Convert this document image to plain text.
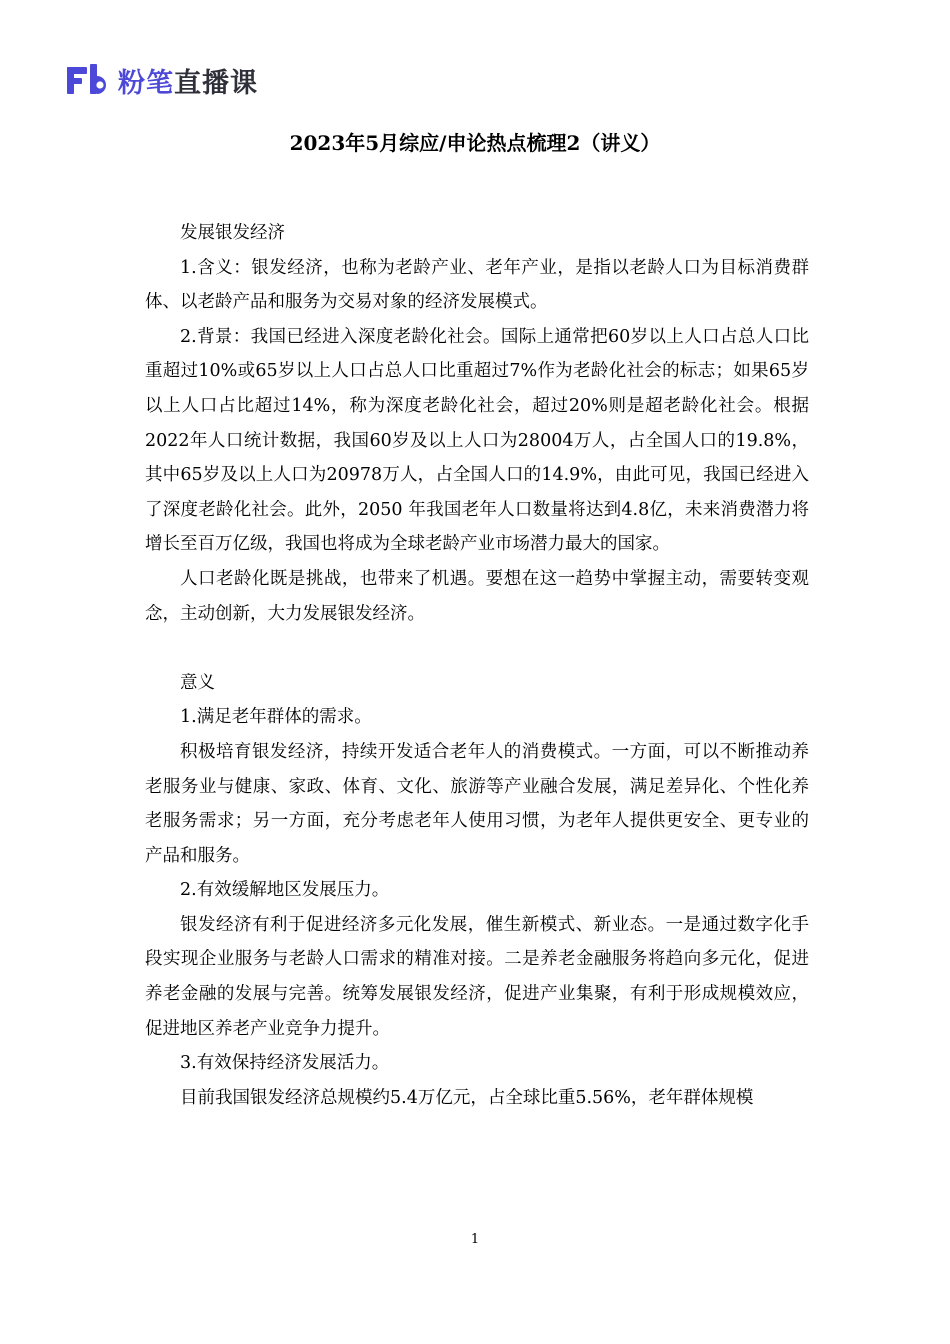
粉笔直播课
2023年5月综应/申论热点梳理2（讲义）

发展银发经济

1.含义：银发经济，也称为老龄产业、老年产业，是指以老龄人口为目标消费群体、以老龄产品和服务为交易对象的经济发展模式。

2.背景：我国已经进入深度老龄化社会。国际上通常把60岁以上人口占总人口比重超过10%或65岁以上人口占总人口比重超过7%作为老龄化社会的标志；如果65岁以上人口占比超过14%，称为深度老龄化社会，超过20%则是超老龄化社会。根据2022年人口统计数据，我国60岁及以上人口为28004万人，占全国人口的19.8%，其中65岁及以上人口为20978万人，占全国人口的14.9%，由此可见，我国已经进入了深度老龄化社会。此外，2050 年我国老年人口数量将达到4.8亿，未来消费潜力将增长至百万亿级，我国也将成为全球老龄产业市场潜力最大的国家。

人口老龄化既是挑战，也带来了机遇。要想在这一趋势中掌握主动，需要转变观念，主动创新，大力发展银发经济。

意义

1.满足老年群体的需求。

积极培育银发经济，持续开发适合老年人的消费模式。一方面，可以不断推动养老服务业与健康、家政、体育、文化、旅游等产业融合发展，满足差异化、个性化养老服务需求；另一方面，充分考虑老年人使用习惯，为老年人提供更安全、更专业的产品和服务。

2.有效缓解地区发展压力。

银发经济有利于促进经济多元化发展，催生新模式、新业态。一是通过数字化手段实现企业服务与老龄人口需求的精准对接。二是养老金融服务将趋向多元化，促进养老金融的发展与完善。统筹发展银发经济，促进产业集聚，有利于形成规模效应，促进地区养老产业竞争力提升。

3.有效保持经济发展活力。

目前我国银发经济总规模约5.4万亿元，占全球比重5.56%，老年群体规模

1
